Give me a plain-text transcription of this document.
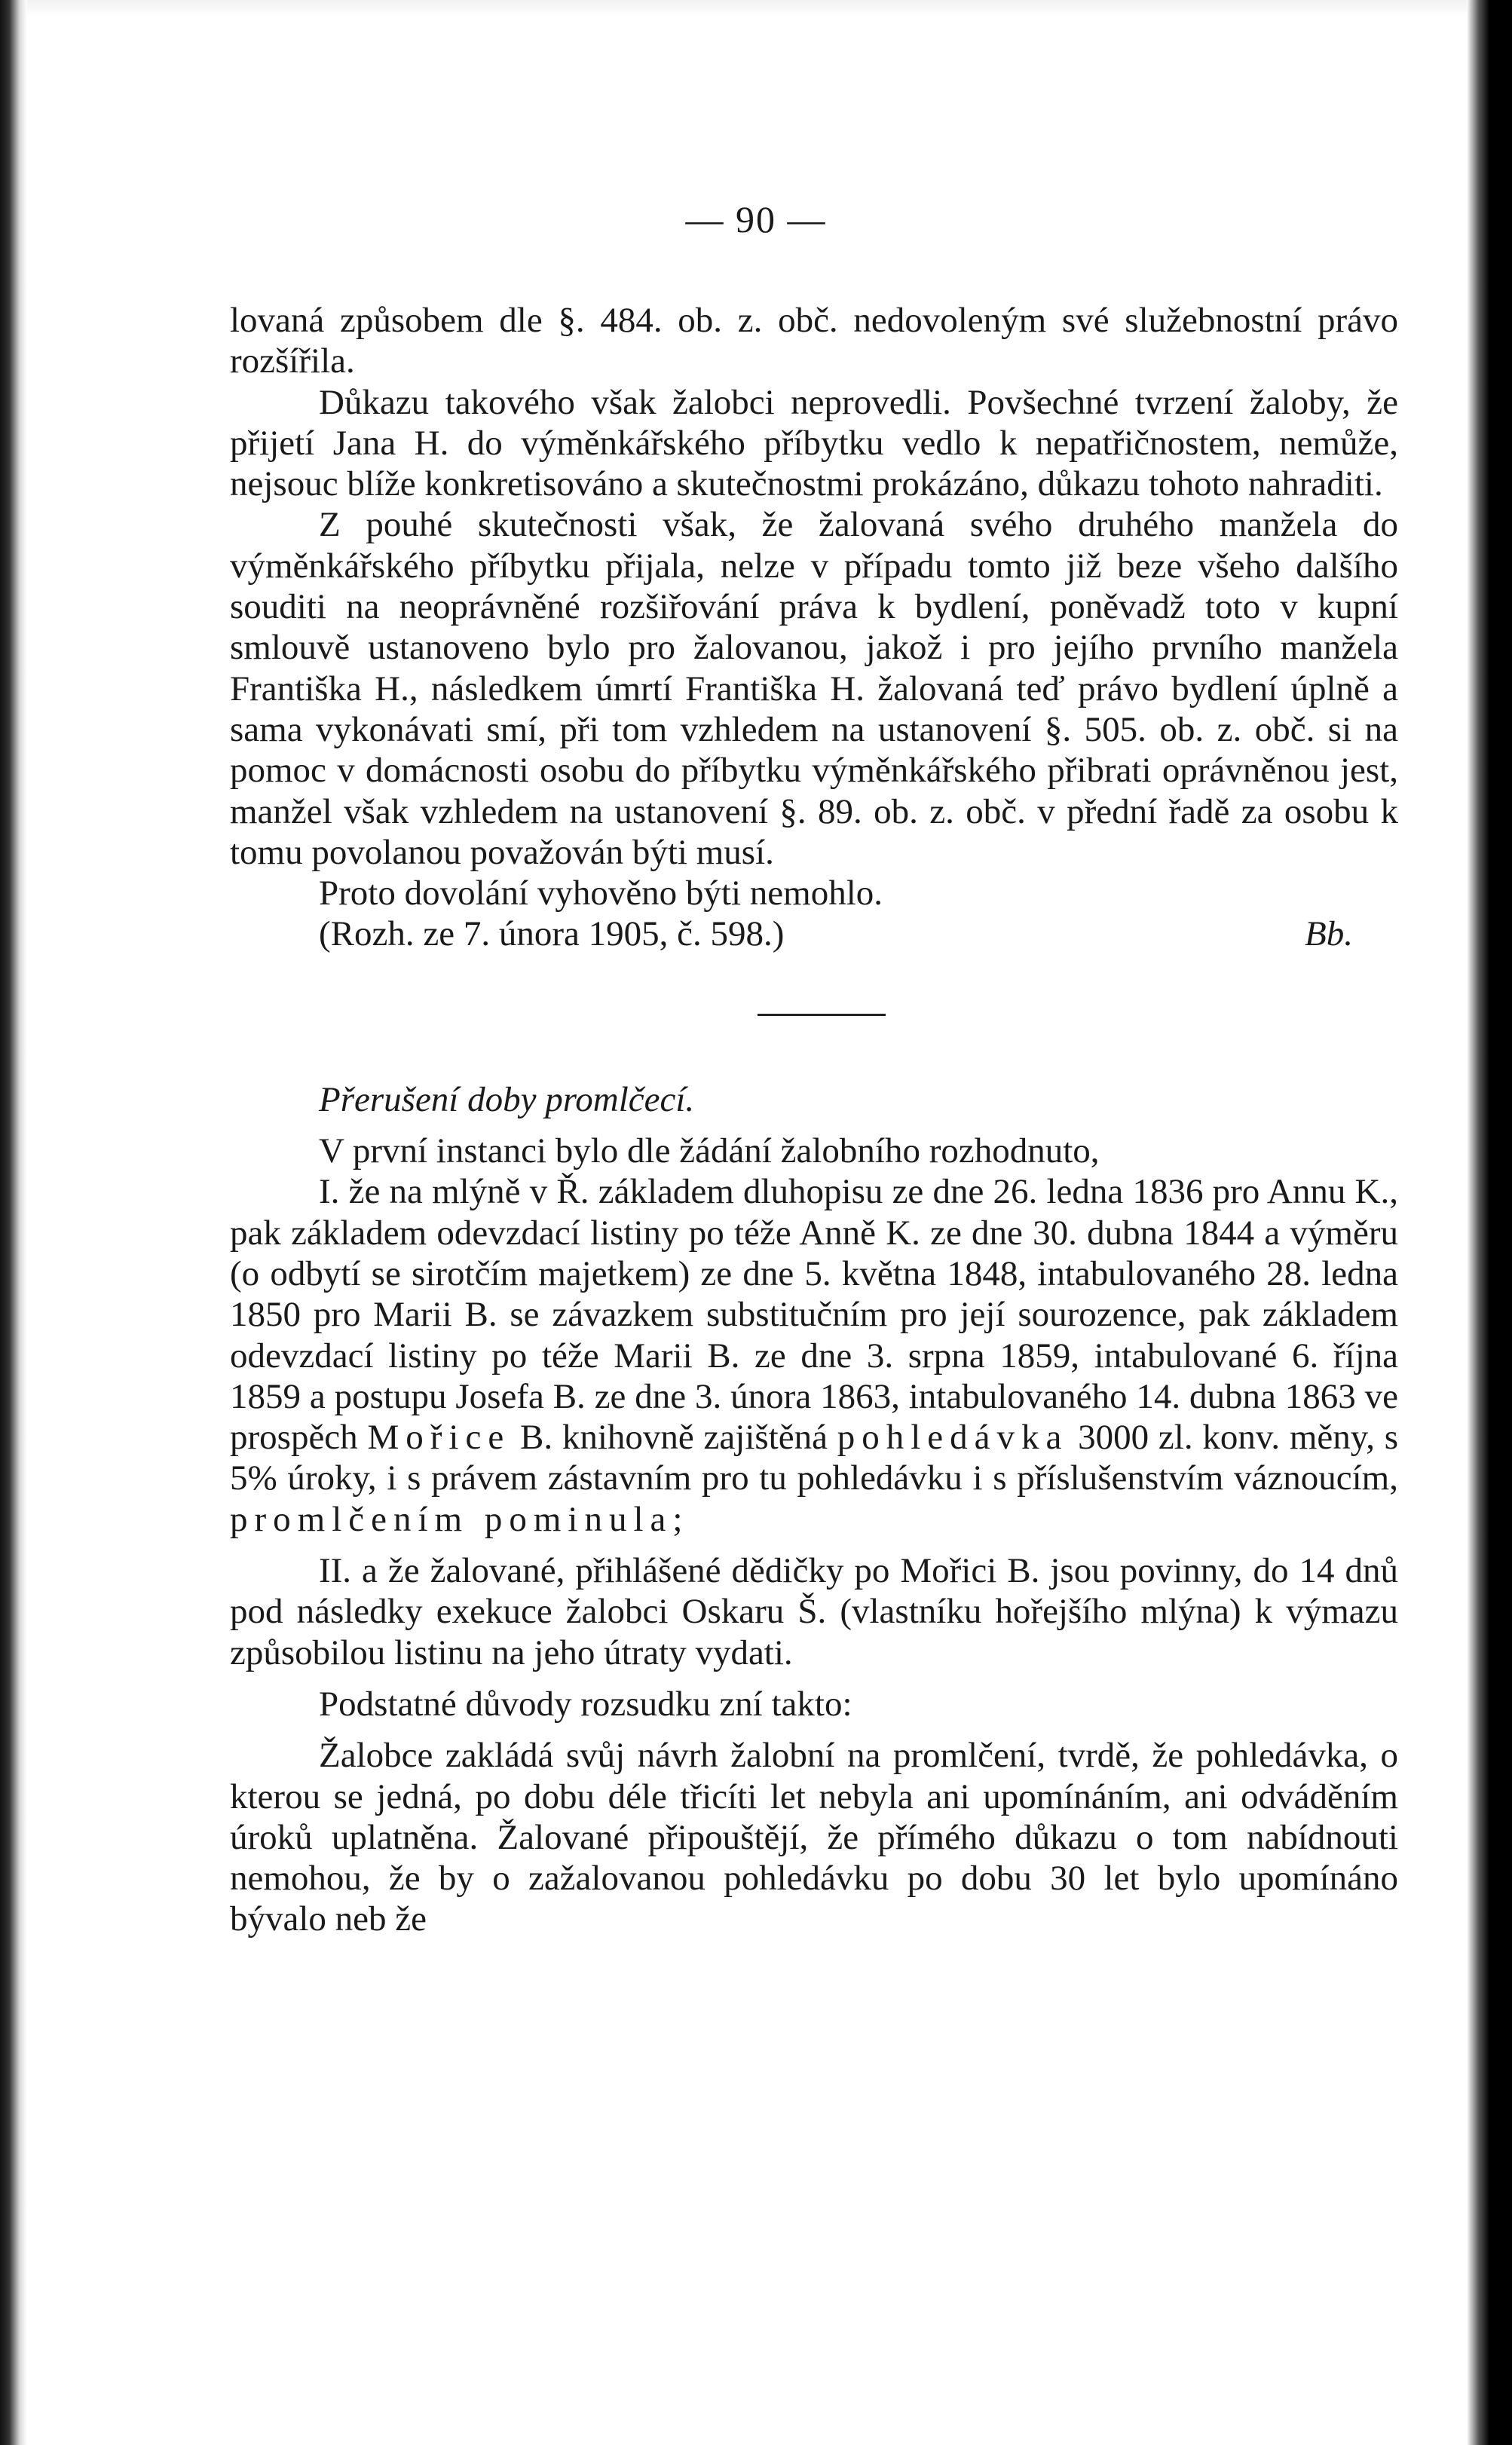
— 90 —

lovaná způsobem dle §. 484. ob. z. obč. nedovoleným své služebnostní právo rozšířila.

Důkazu takového však žalobci neprovedli. Povšechné tvrzení žaloby, že přijetí Jana H. do výměnkářského příbytku vedlo k nepatřičnostem, nemůže, nejsouc blíže konkretisováno a skutečnostmi prokázáno, důkazu tohoto nahraditi.

Z pouhé skutečnosti však, že žalovaná svého druhého manžela do výměnkářského příbytku přijala, nelze v případu tomto již beze všeho dalšího souditi na neoprávněné rozšiřování práva k bydlení, poněvadž toto v kupní smlouvě ustanoveno bylo pro žalovanou, jakož i pro jejího prvního manžela Františka H., následkem úmrtí Františka H. žalovaná teď právo bydlení úplně a sama vykonávati smí, při tom vzhledem na ustanovení §. 505. ob. z. obč. si na pomoc v domácnosti osobu do příbytku výměnkářského přibrati oprávněnou jest, manžel však vzhledem na ustanovení §. 89. ob. z. obč. v přední řadě za osobu k tomu povolanou považován býti musí.

Proto dovolání vyhověno býti nemohlo.

(Rozh. ze 7. února 1905, č. 598.)	Bb.
Přerušení doby promlčecí.

V první instanci bylo dle žádání žalobního rozhodnuto,

I. že na mlýně v Ř. základem dluhopisu ze dne 26. ledna 1836 pro Annu K., pak základem odevzdací listiny po téže Anně K. ze dne 30. dubna 1844 a výměru (o odbytí se sirotčím majetkem) ze dne 5. května 1848, intabulovaného 28. ledna 1850 pro Marii B. se závazkem substitučním pro její sourozence, pak základem odevzdací listiny po téže Marii B. ze dne 3. srpna 1859, intabulované 6. října 1859 a postupu Josefa B. ze dne 3. února 1863, intabulovaného 14. dubna 1863 ve prospěch Mořice B. knihovně zajištěná pohledávka 3000 zl. konv. měny, s 5% úroky, i s právem zástavním pro tu pohledávku i s příslušenstvím váznoucím, promlčením pominula;

II. a že žalované, přihlášené dědičky po Mořici B. jsou povinny, do 14 dnů pod následky exekuce žalobci Oskaru Š. (vlastníku hořejšího mlýna) k výmazu způsobilou listinu na jeho útraty vydati.

Podstatné důvody rozsudku zní takto:

Žalobce zakládá svůj návrh žalobní na promlčení, tvrdě, že pohledávka, o kterou se jedná, po dobu déle třicíti let nebyla ani upomínáním, ani odváděním úroků uplatněna. Žalované připouštějí, že přímého důkazu o tom nabídnouti nemohou, že by o zažalovanou pohledávku po dobu 30 let bylo upomínáno bývalo neb že
